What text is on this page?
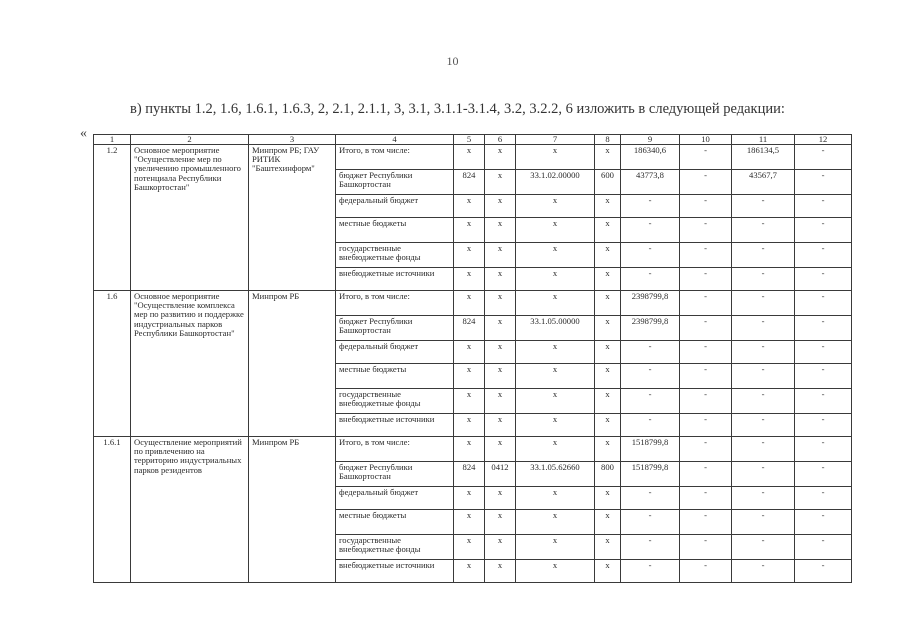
10
в) пункты 1.2, 1.6, 1.6.1, 1.6.3, 2, 2.1, 2.1.1, 3, 3.1, 3.1.1-3.1.4, 3.2, 3.2.2, 6 изложить в следующей редакции:
«	1	2	3	4	5	6	7	8	9	10	11	12
1.2	Основное мероприятие "Осуществление мер по увеличению промышленного потенциала Республики Башкортостан"	Минпром РБ; ГАУ РИТИК "Баштехинформ"	Итого, в том числе:	х	х	х	х	186340,6	-	186134,5	-
			бюджет Республики Башкортостан	824	х	33.1.02.00000	600	43773,8	-	43567,7	-
			федеральный бюджет	х	х	х	х	-	-	-	-
			местные бюджеты	х	х	х	х	-	-	-	-
			государственные внебюджетные фонды	х	х	х	х	-	-	-	-
			внебюджетные источники	х	х	х	х	-	-	-	-
1.6	Основное мероприятие "Осуществление комплекса мер по развитию и поддержке индустриальных парков Республики Башкортостан"	Минпром РБ	Итого, в том числе:	х	х	х	х	2398799,8	-	-	-
			бюджет Республики Башкортостан	824	х	33.1.05.00000	х	2398799,8	-	-	-
			федеральный бюджет	х	х	х	х	-	-	-	-
			местные бюджеты	х	х	х	х	-	-	-	-
			государственные внебюджетные фонды	х	х	х	х	-	-	-	-
			внебюджетные источники	х	х	х	х	-	-	-	-
1.6.1	Осуществление мероприятий по привлечению на территорию индустриальных парков резидентов	Минпром РБ	Итого, в том числе:	х	х	х	х	1518799,8	-	-	-
			бюджет Республики Башкортостан	824	0412	33.1.05.62660	800	1518799,8	-	-	-
			федеральный бюджет	х	х	х	х	-	-	-	-
			местные бюджеты	х	х	х	х	-	-	-	-
			государственные внебюджетные фонды	х	х	х	х	-	-	-	-
			внебюджетные источники	х	х	х	х	-	-	-	-
